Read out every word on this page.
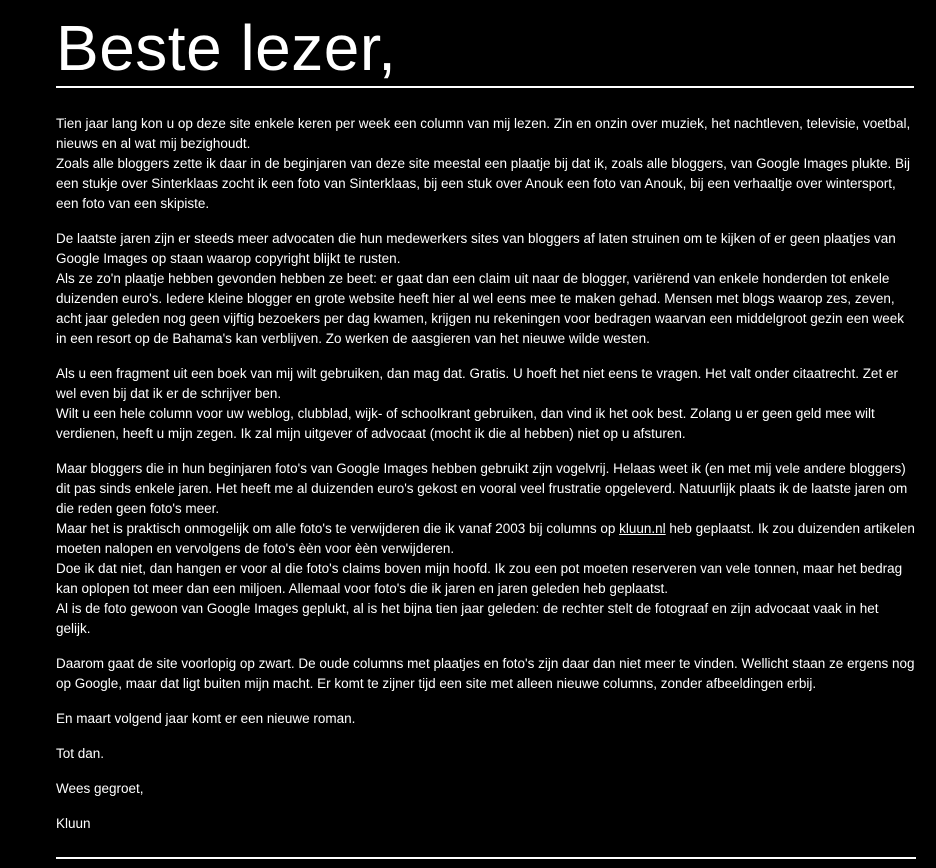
Beste lezer,

Tien jaar lang kon u op deze site enkele keren per week een column van mij lezen. Zin en onzin over muziek, het nachtleven, televisie, voetbal, nieuws en al wat mij bezighoudt.
Zoals alle bloggers zette ik daar in de beginjaren van deze site meestal een plaatje bij dat ik, zoals alle bloggers, van Google Images plukte. Bij een stukje over Sinterklaas zocht ik een foto van Sinterklaas, bij een stuk over Anouk een foto van Anouk, bij een verhaaltje over wintersport, een foto van een skipiste.

De laatste jaren zijn er steeds meer advocaten die hun medewerkers sites van bloggers af laten struinen om te kijken of er geen plaatjes van Google Images op staan waarop copyright blijkt te rusten.
Als ze zo'n plaatje hebben gevonden hebben ze beet: er gaat dan een claim uit naar de blogger, variërend van enkele honderden tot enkele duizenden euro's. Iedere kleine blogger en grote website heeft hier al wel eens mee te maken gehad. Mensen met blogs waarop zes, zeven, acht jaar geleden nog geen vijftig bezoekers per dag kwamen, krijgen nu rekeningen voor bedragen waarvan een middelgroot gezin een week in een resort op de Bahama's kan verblijven. Zo werken de aasgieren van het nieuwe wilde westen.

Als u een fragment uit een boek van mij wilt gebruiken, dan mag dat. Gratis. U hoeft het niet eens te vragen. Het valt onder citaatrecht. Zet er wel even bij dat ik er de schrijver ben.
Wilt u een hele column voor uw weblog, clubblad, wijk- of schoolkrant gebruiken, dan vind ik het ook best. Zolang u er geen geld mee wilt verdienen, heeft u mijn zegen. Ik zal mijn uitgever of advocaat (mocht ik die al hebben) niet op u afsturen.

Maar bloggers die in hun beginjaren foto's van Google Images hebben gebruikt zijn vogelvrij. Helaas weet ik (en met mij vele andere bloggers) dit pas sinds enkele jaren. Het heeft me al duizenden euro's gekost en vooral veel frustratie opgeleverd. Natuurlijk plaats ik de laatste jaren om die reden geen foto's meer.
Maar het is praktisch onmogelijk om alle foto's te verwijderen die ik vanaf 2003 bij columns op kluun.nl heb geplaatst. Ik zou duizenden artikelen moeten nalopen en vervolgens de foto's èèn voor èèn verwijderen.
Doe ik dat niet, dan hangen er voor al die foto's claims boven mijn hoofd. Ik zou een pot moeten reserveren van vele tonnen, maar het bedrag kan oplopen tot meer dan een miljoen. Allemaal voor foto's die ik jaren en jaren geleden heb geplaatst.
Al is de foto gewoon van Google Images geplukt, al is het bijna tien jaar geleden: de rechter stelt de fotograaf en zijn advocaat vaak in het gelijk.

Daarom gaat de site voorlopig op zwart. De oude columns met plaatjes en foto's zijn daar dan niet meer te vinden. Wellicht staan ze ergens nog op Google, maar dat ligt buiten mijn macht. Er komt te zijner tijd een site met alleen nieuwe columns, zonder afbeeldingen erbij.

En maart volgend jaar komt er een nieuwe roman.

Tot dan.

Wees gegroet,

Kluun
